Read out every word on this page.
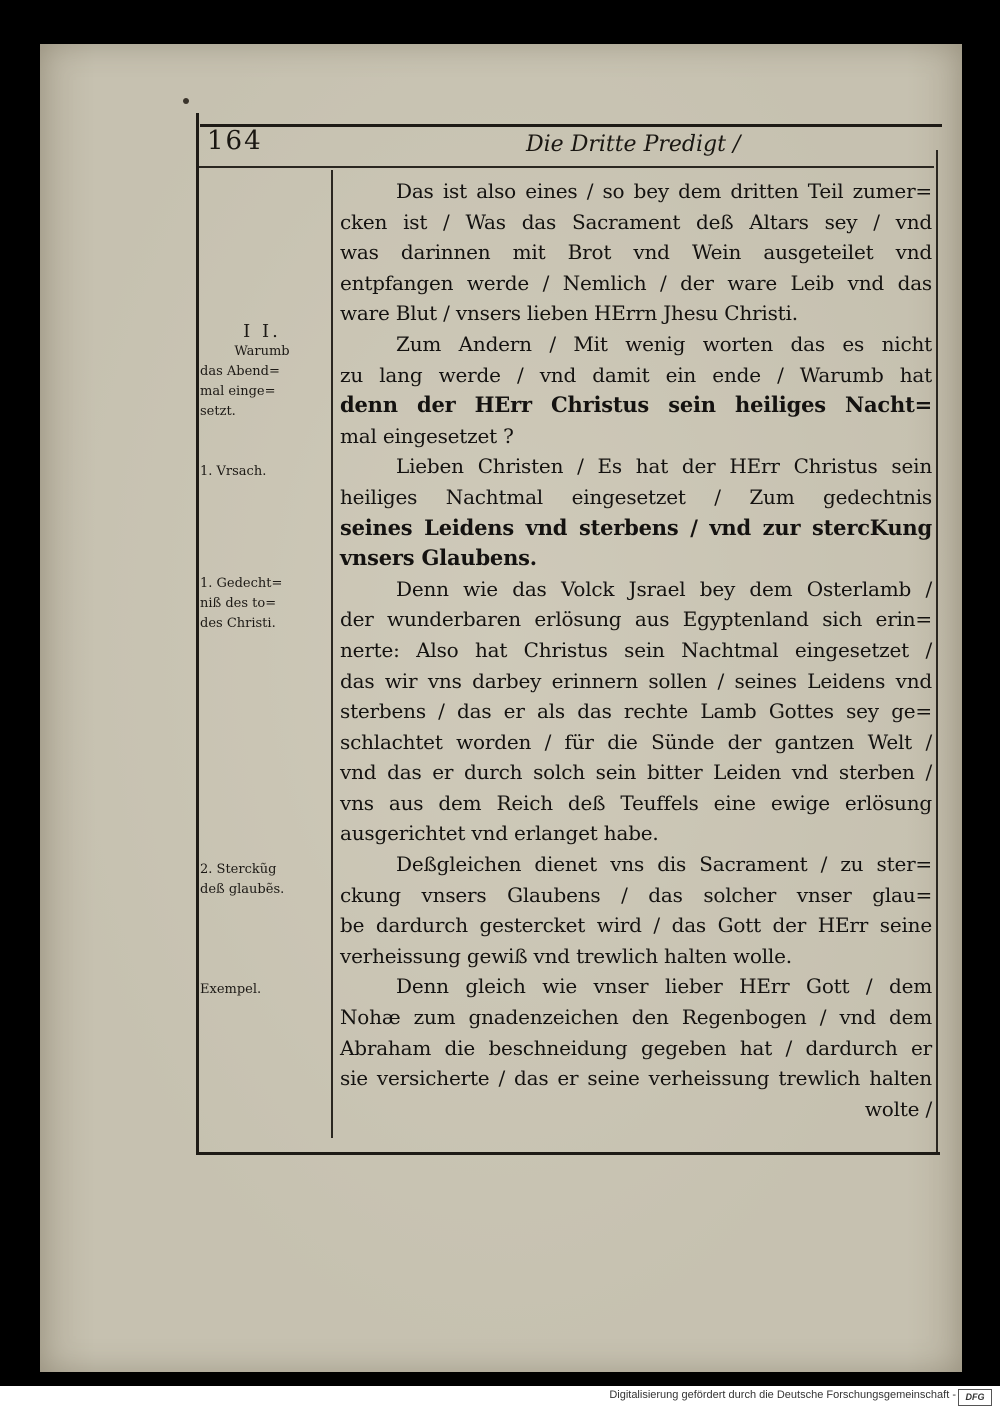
164	Die Dritte Predigt /
Das ist also eines / so bey dem dritten Teil zumer=
cken ist / Was das Sacrament deß Altars sey / vnd
was darinnen mit Brot vnd Wein ausgeteilet vnd
entpfangen werde / Nemlich / der ware Leib vnd das
ware Blut / vnsers lieben HErrn Jhesu Christi.
Zum Andern / Mit wenig worten das es nicht
zu lang werde / vnd damit ein ende / Warumb hat
denn der HErr Christus sein heiliges Nacht=
mal eingesetzet ?
Lieben Christen / Es hat der HErr Christus sein
heiliges Nachtmal eingesetzet / Zum gedechtnis
seines Leidens vnd sterbens / vnd zur stercKung
vnsers Glaubens.
Denn wie das Volck Jsrael bey dem Osterlamb /
der wunderbaren erlösung aus Egyptenland sich erin=
nerte: Also hat Christus sein Nachtmal eingesetzet /
das wir vns darbey erinnern sollen / seines Leidens vnd
sterbens / das er als das rechte Lamb Gottes sey ge=
schlachtet worden / für die Sünde der gantzen Welt /
vnd das er durch solch sein bitter Leiden vnd sterben /
vns aus dem Reich deß Teuffels eine ewige erlösung
ausgerichtet vnd erlanget habe.
Deßgleichen dienet vns dis Sacrament / zu ster=
ckung vnsers Glaubens / das solcher vnser glau=
be dardurch gestercket wird / das Gott der HErr seine
verheissung gewiß vnd trewlich halten wolle.
Denn gleich wie vnser lieber HErr Gott / dem
Nohæ zum gnadenzeichen den Regenbogen / vnd dem
Abraham die beschneidung gegeben hat / dardurch er
sie versicherte / das er seine verheissung trewlich halten
wolte /
I I.
Warumb
das Abend=
mal einge=
setzt.
1. Vrsach.
1. Gedecht=
niß des to=
des Christi.
2. Sterckũg
deß glaubẽs.
Exempel.
Digitalisierung gefördert durch die Deutsche Forschungsgemeinschaft -	DFG
